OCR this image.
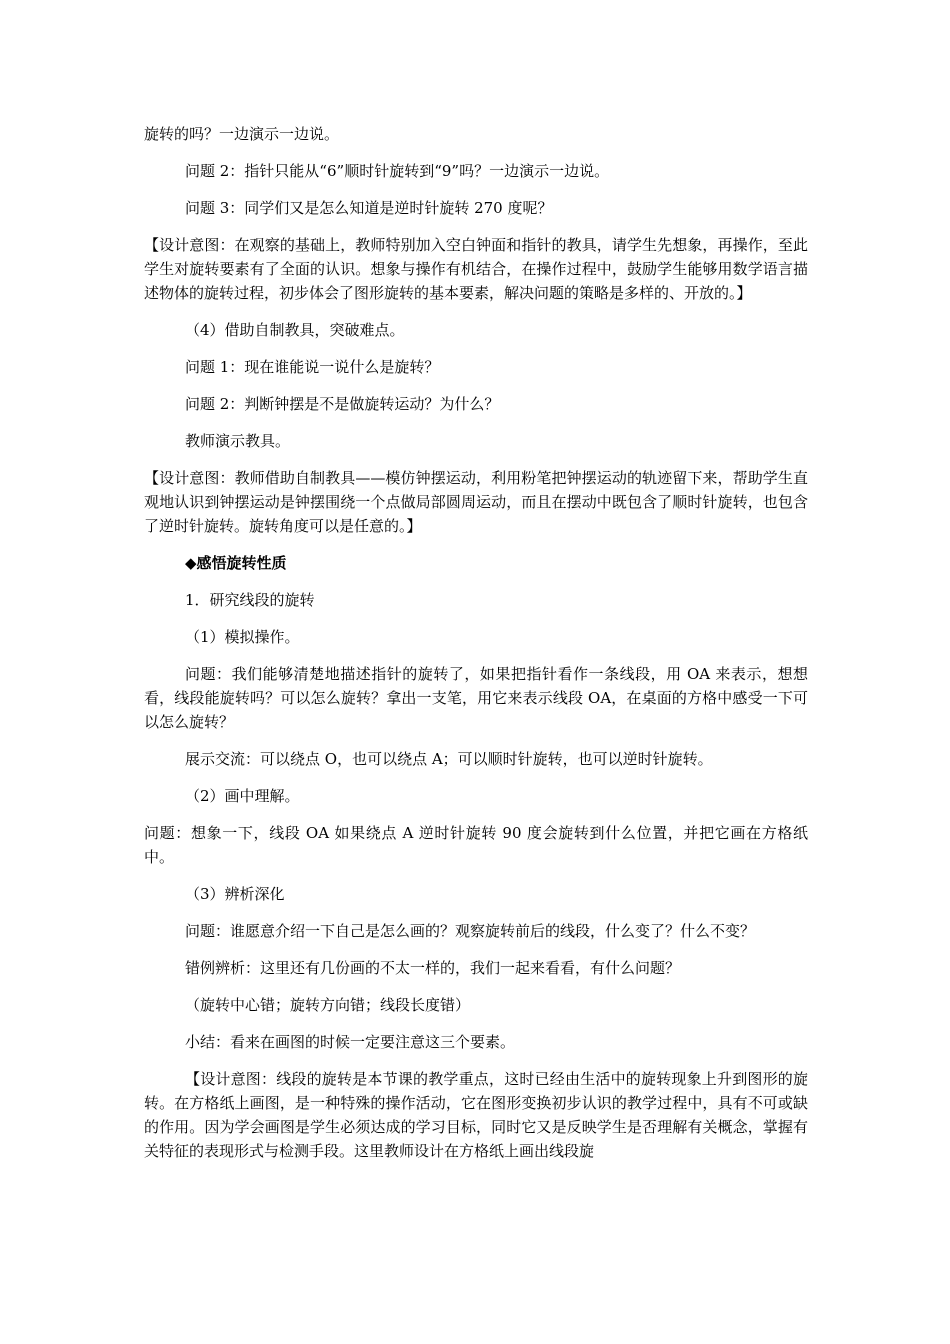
旋转的吗？一边演示一边说。

问题 2：指针只能从“6”顺时针旋转到“9”吗？一边演示一边说。

问题 3：同学们又是怎么知道是逆时针旋转 270 度呢？

【设计意图：在观察的基础上，教师特别加入空白钟面和指针的教具，请学生先想象，再操作，至此学生对旋转要素有了全面的认识。想象与操作有机结合，在操作过程中，鼓励学生能够用数学语言描述物体的旋转过程，初步体会了图形旋转的基本要素，解决问题的策略是多样的、开放的。】

（4）借助自制教具，突破难点。

问题 1：现在谁能说一说什么是旋转？

问题 2：判断钟摆是不是做旋转运动？为什么？

教师演示教具。

【设计意图：教师借助自制教具——模仿钟摆运动，利用粉笔把钟摆运动的轨迹留下来，帮助学生直观地认识到钟摆运动是钟摆围绕一个点做局部圆周运动，而且在摆动中既包含了顺时针旋转，也包含了逆时针旋转。旋转角度可以是任意的。】

◆感悟旋转性质

1．研究线段的旋转

（1）模拟操作。

问题：我们能够清楚地描述指针的旋转了，如果把指针看作一条线段，用 OA 来表示，想想看，线段能旋转吗？可以怎么旋转？拿出一支笔，用它来表示线段 OA，在桌面的方格中感受一下可以怎么旋转？

展示交流：可以绕点 O，也可以绕点 A；可以顺时针旋转，也可以逆时针旋转。

（2）画中理解。

问题：想象一下，线段 OA 如果绕点 A 逆时针旋转 90 度会旋转到什么位置，并把它画在方格纸中。

（3）辨析深化

问题：谁愿意介绍一下自己是怎么画的？观察旋转前后的线段，什么变了？什么不变？

错例辨析：这里还有几份画的不太一样的，我们一起来看看，有什么问题？

（旋转中心错；旋转方向错；线段长度错）

小结：看来在画图的时候一定要注意这三个要素。

【设计意图：线段的旋转是本节课的教学重点，这时已经由生活中的旋转现象上升到图形的旋转。在方格纸上画图，是一种特殊的操作活动，它在图形变换初步认识的教学过程中，具有不可或缺的作用。因为学会画图是学生必须达成的学习目标，同时它又是反映学生是否理解有关概念，掌握有关特征的表现形式与检测手段。这里教师设计在方格纸上画出线段旋
